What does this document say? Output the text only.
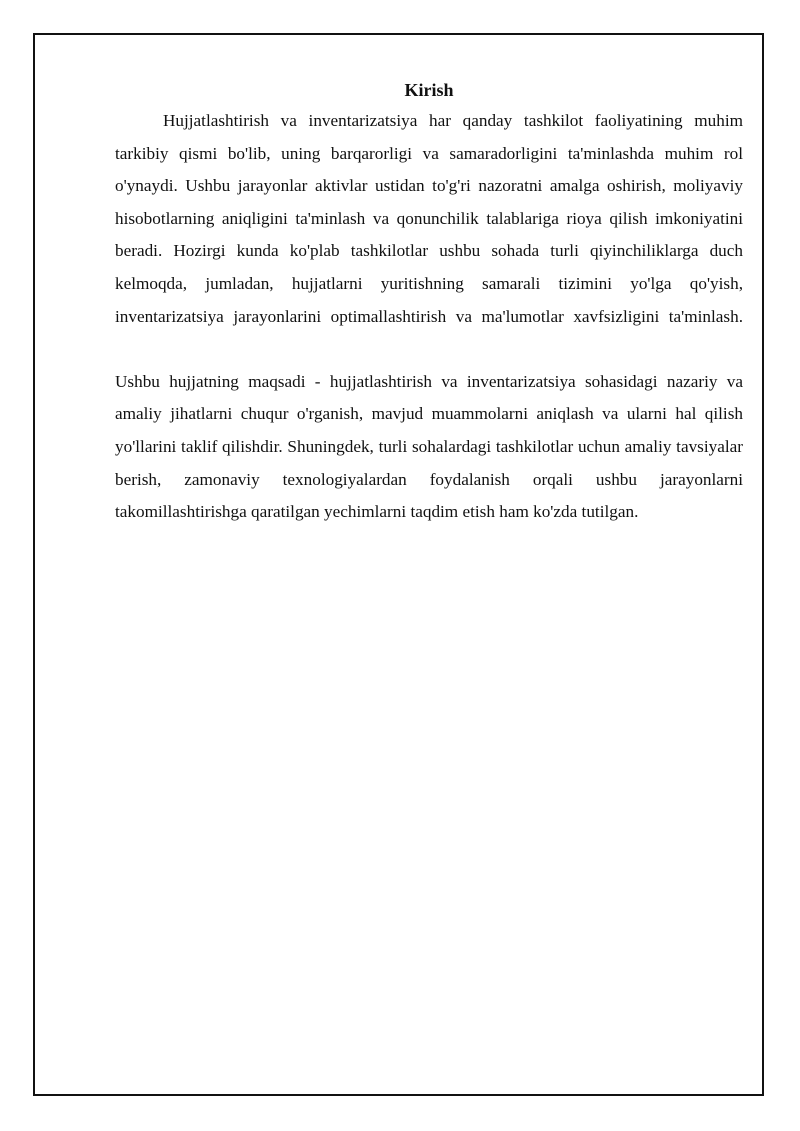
Kirish

Hujjatlashtirish va inventarizatsiya har qanday tashkilot faoliyatining muhim tarkibiy qismi bo'lib, uning barqarorligi va samaradorligini ta'minlashda muhim rol o'ynaydi. Ushbu jarayonlar aktivlar ustidan to'g'ri nazoratni amalga oshirish, moliyaviy hisobotlarning aniqligini ta'minlash va qonunchilik talablariga rioya qilish imkoniyatini beradi. Hozirgi kunda ko'plab tashkilotlar ushbu sohada turli qiyinchiliklarga duch kelmoqda, jumladan, hujjatlarni yuritishning samarali tizimini yo'lga qo'yish, inventarizatsiya jarayonlarini optimallashtirish va ma'lumotlar xavfsizligini ta'minlash.

Ushbu hujjatning maqsadi - hujjatlashtirish va inventarizatsiya sohasidagi nazariy va amaliy jihatlarni chuqur o'rganish, mavjud muammolarni aniqlash va ularni hal qilish yo'llarini taklif qilishdir. Shuningdek, turli sohalardagi tashkilotlar uchun amaliy tavsiyalar berish, zamonaviy texnologiyalardan foydalanish orqali ushbu jarayonlarni takomillashtirishga qaratilgan yechimlarni taqdim etish ham ko'zda tutilgan.
